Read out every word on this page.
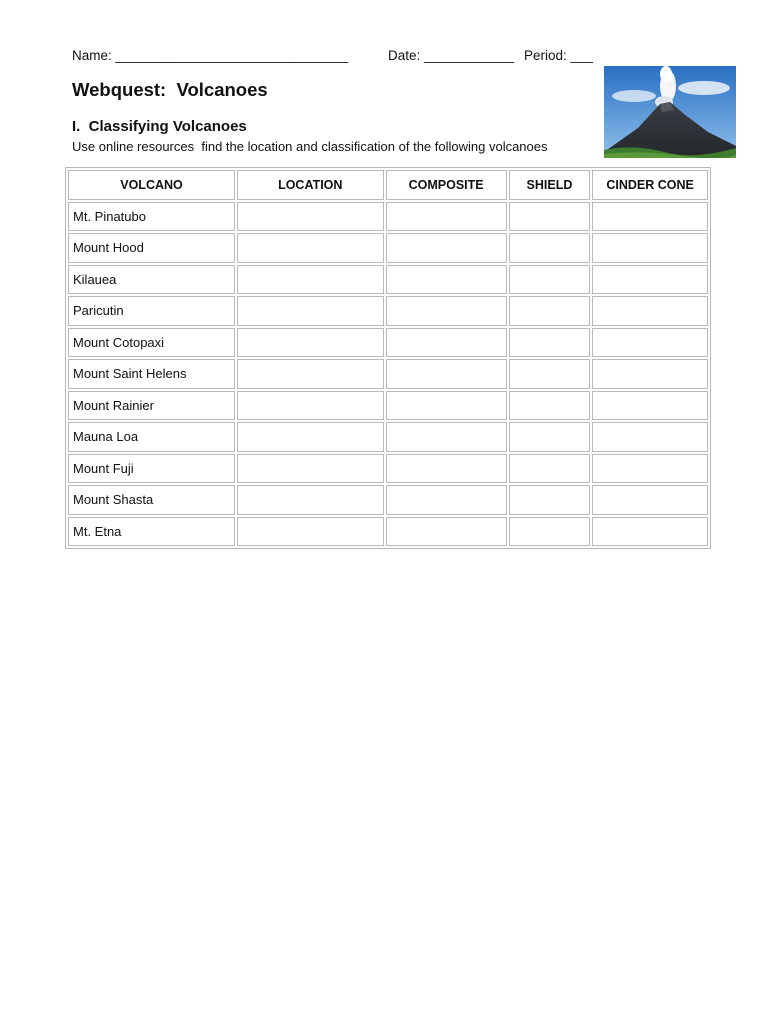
Name: _______________________________	Date: ____________ Period: ___
Webquest:  Volcanoes
I.  Classifying Volcanoes
Use online resources  find the location and classification of the following volcanoes
VOLCANO	LOCATION	COMPOSITE	SHIELD	CINDER CONE
Mt. Pinatubo				
Mount Hood				
Kilauea				
Paricutin				
Mount Cotopaxi				
Mount Saint Helens				
Mount Rainier				
Mauna Loa				
Mount Fuji				
Mount Shasta				
Mt. Etna				
